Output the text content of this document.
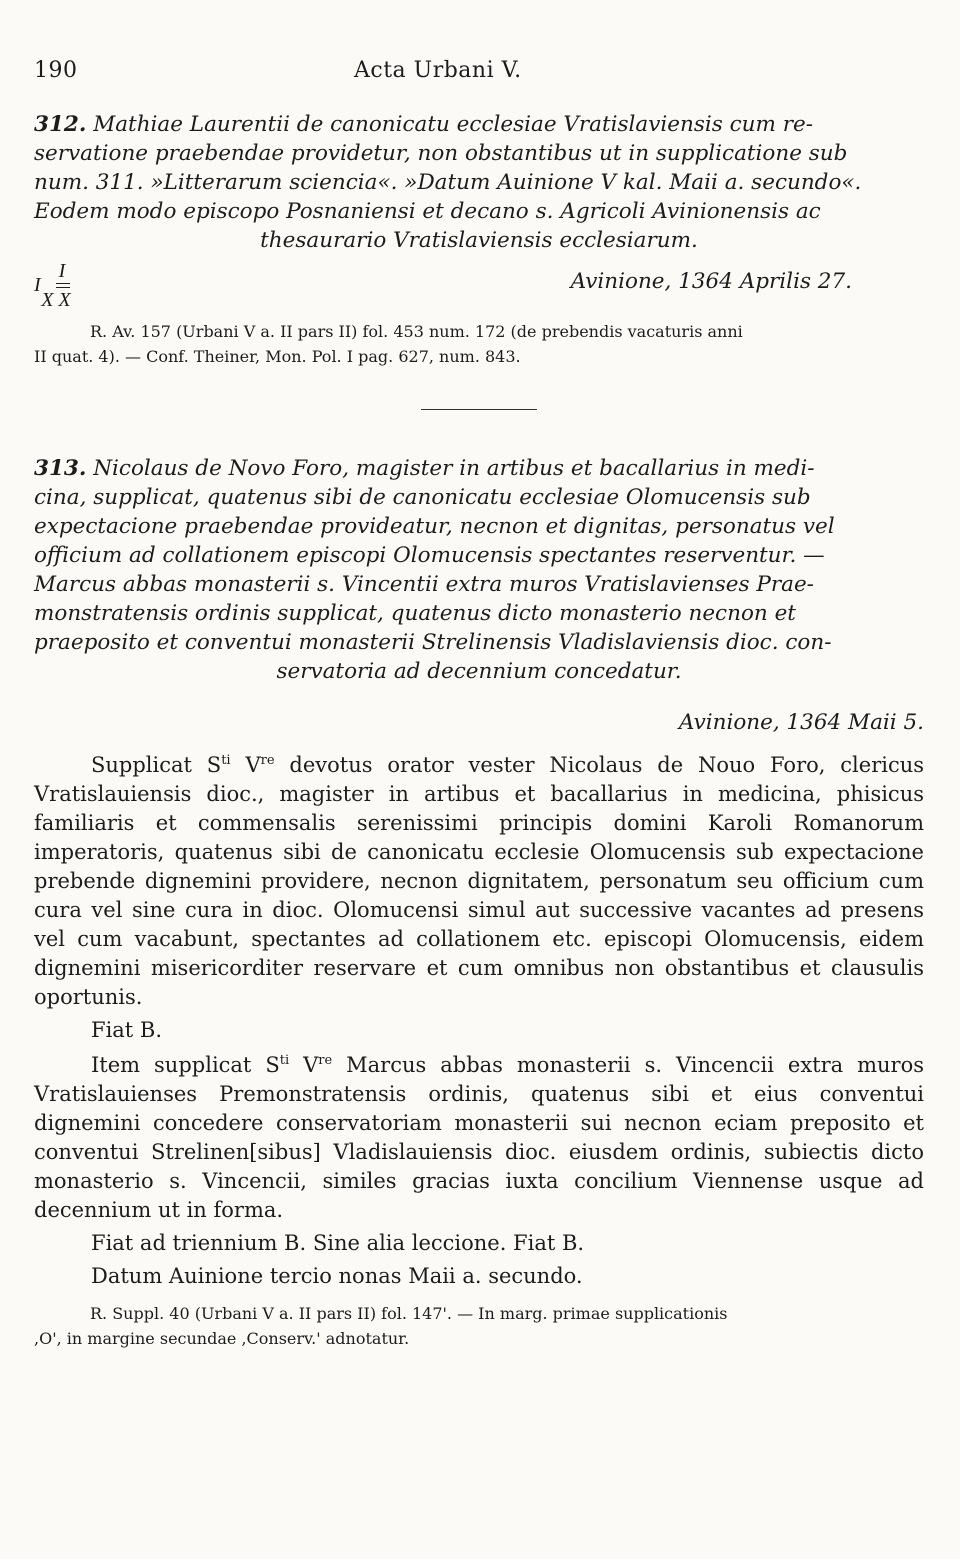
190	Acta Urbani V.
312. Mathiae Laurentii de canonicatu ecclesiae Vratislaviensis cum re-
servatione praebendae providetur, non obstantibus ut in supplicatione sub
num. 311. »Litterarum sciencia«. »Datum Auinione V kal. Maii a. secundo«.
Eodem modo episcopo Posnaniensi et decano s. Agricoli Avinionensis ac
thesaurario Vratislaviensis ecclesiarum.
I
I
X X
Avinione, 1364 Aprilis 27.
R. Av. 157 (Urbani V a. II pars II) fol. 453 num. 172 (de prebendis vacaturis anni
II quat. 4). — Conf. Theiner, Mon. Pol. I pag. 627, num. 843.
313. Nicolaus de Novo Foro, magister in artibus et bacallarius in medi-
cina, supplicat, quatenus sibi de canonicatu ecclesiae Olomucensis sub
expectacione praebendae provideatur, necnon et dignitas, personatus vel
officium ad collationem episcopi Olomucensis spectantes reserventur. —
Marcus abbas monasterii s. Vincentii extra muros Vratislavienses Prae-
monstratensis ordinis supplicat, quatenus dicto monasterio necnon et
praeposito et conventui monasterii Strelinensis Vladislaviensis dioc. con-
servatoria ad decennium concedatur.
Avinione, 1364 Maii 5.
Supplicat $S^{ti}$ Vre devotus orator vester Nicolaus de Nouo Foro, clericus Vratislauiensis dioc., magister in artibus et bacallarius in medicina, phisicus familiaris et commensalis serenissimi principis domini Karoli Romanorum imperatoris, quatenus sibi de canonicatu ecclesie Olomucensis sub expectacione prebende dignemini providere, necnon dignitatem, personatum seu officium cum cura vel sine cura in dioc. Olomucensi simul aut successive vacantes ad presens vel cum vacabunt, spectantes ad collationem etc. episcopi Olomucensis, eidem dignemini misericorditer reservare et cum omnibus non obstantibus et clausulis oportunis.
Fiat B.
Item supplicat $S^{ti}$ Vre Marcus abbas monasterii s. Vincencii extra muros Vratislauienses Premonstratensis ordinis, quatenus sibi et eius conventui dignemini concedere conservatoriam monasterii sui necnon eciam preposito et conventui Strelinen[sibus] Vladislauiensis dioc. eiusdem ordinis, subiectis dicto monasterio s. Vincencii, similes gracias iuxta concilium Viennense usque ad decennium ut in forma.
Fiat ad triennium B. Sine alia leccione. Fiat B.
Datum Auinione tercio nonas Maii a. secundo.
R. Suppl. 40 (Urbani V a. II pars II) fol. 147'. — In marg. primae supplicationis
,O', in margine secundae ,Conserv.' adnotatur.
